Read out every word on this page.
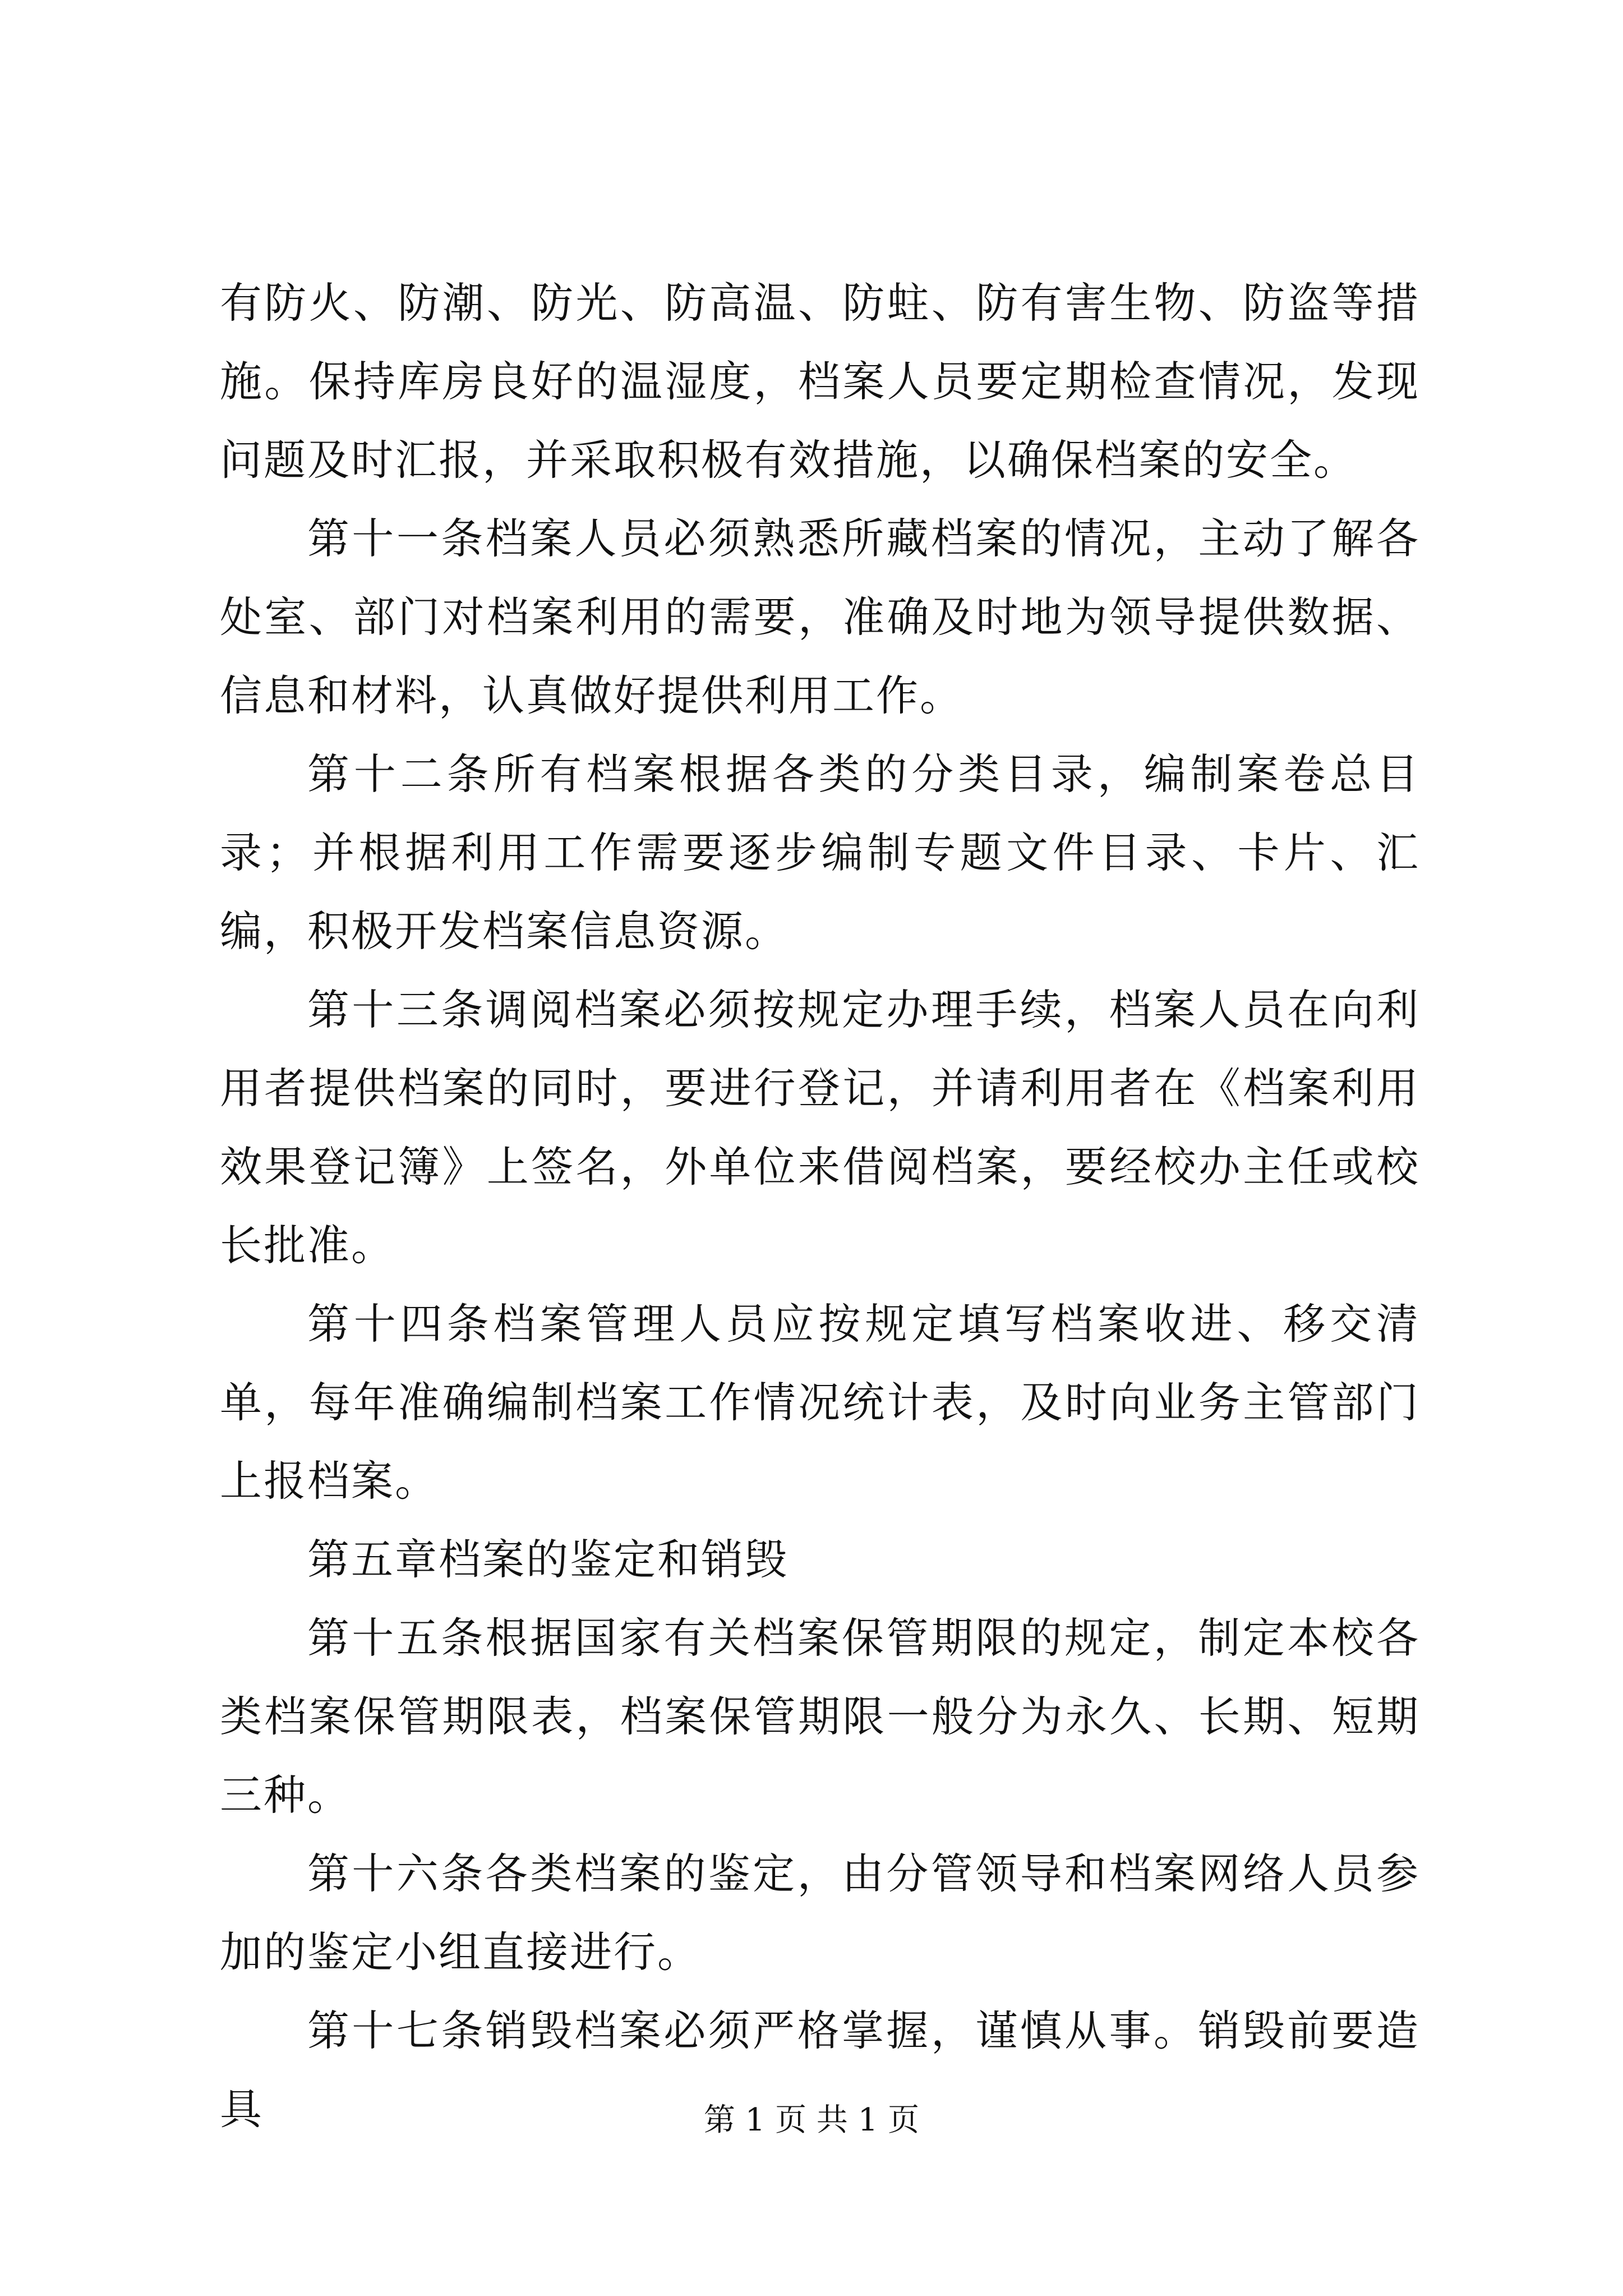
有防火、防潮、防光、防高温、防蛀、防有害生物、防盗等措施。保持库房良好的温湿度，档案人员要定期检查情况，发现问题及时汇报，并采取积极有效措施，以确保档案的安全。

第十一条档案人员必须熟悉所藏档案的情况，主动了解各处室、部门对档案利用的需要，准确及时地为领导提供数据、信息和材料，认真做好提供利用工作。

第十二条所有档案根据各类的分类目录，编制案卷总目录；并根据利用工作需要逐步编制专题文件目录、卡片、汇编，积极开发档案信息资源。

第十三条调阅档案必须按规定办理手续，档案人员在向利用者提供档案的同时，要进行登记，并请利用者在《档案利用效果登记簿》上签名，外单位来借阅档案，要经校办主任或校长批准。

第十四条档案管理人员应按规定填写档案收进、移交清单，每年准确编制档案工作情况统计表，及时向业务主管部门上报档案。

第五章档案的鉴定和销毁

第十五条根据国家有关档案保管期限的规定，制定本校各类档案保管期限表，档案保管期限一般分为永久、长期、短期三种。

第十六条各类档案的鉴定，由分管领导和档案网络人员参加的鉴定小组直接进行。

第十七条销毁档案必须严格掌握，谨慎从事。销毁前要造具	第 1 页 共 1 页
